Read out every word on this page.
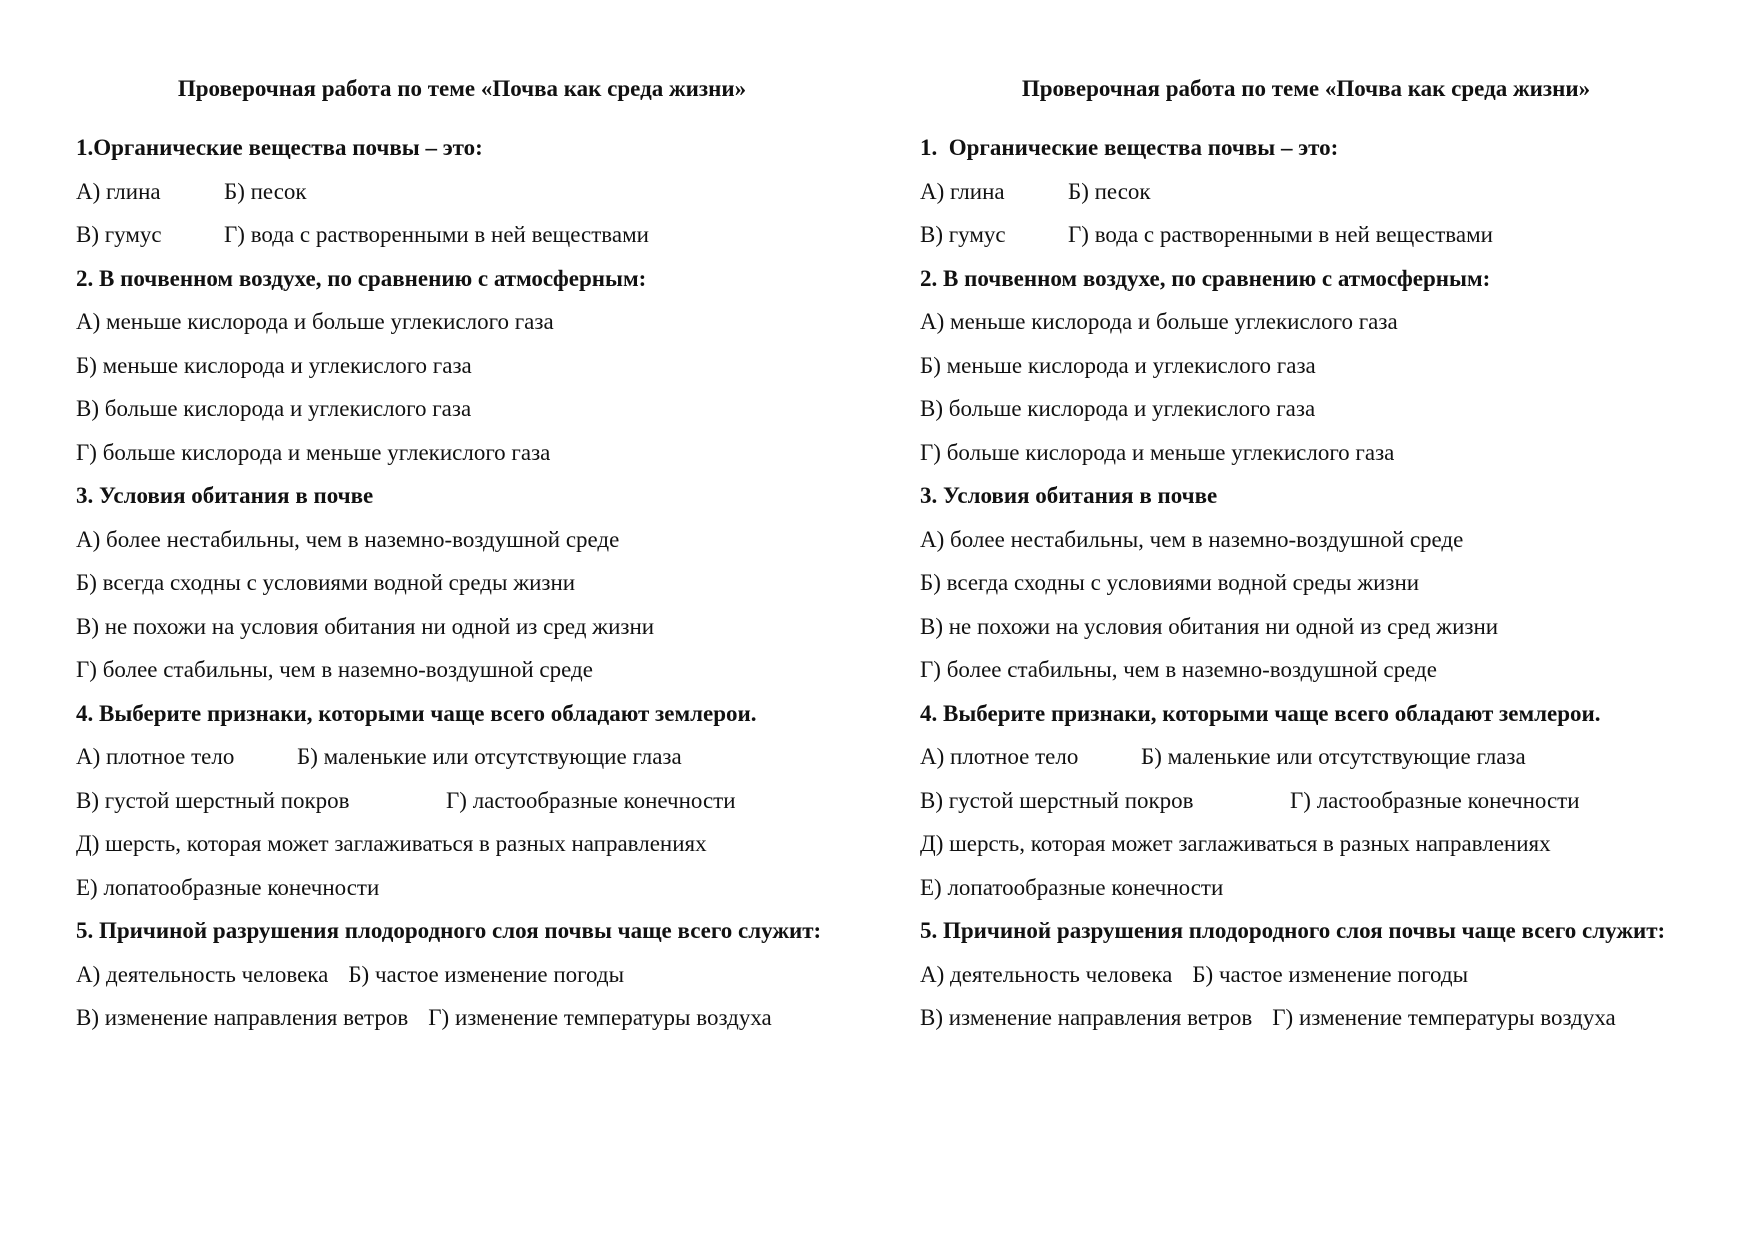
Проверочная работа по теме «Почва как среда жизни»
1.Органические вещества почвы – это:
А) глина	Б) песок
В) гумус	Г) вода с растворенными в ней веществами
2. В почвенном воздухе, по сравнению с атмосферным:
А) меньше кислорода и больше углекислого газа
Б) меньше кислорода и углекислого газа
В) больше кислорода и углекислого газа
Г) больше кислорода и меньше углекислого газа
3. Условия обитания в почве
А) более нестабильны, чем в наземно-воздушной среде
Б) всегда сходны с условиями водной среды жизни
В) не похожи на условия обитания ни одной из сред жизни
Г) более стабильны, чем в наземно-воздушной среде
4. Выберите признаки, которыми чаще всего обладают землерои.
А) плотное тело	Б) маленькие или отсутствующие глаза
В) густой шерстный покров	Г) ластообразные конечности
Д) шерсть, которая может заглаживаться в разных направлениях
Е) лопатообразные конечности
5. Причиной разрушения плодородного слоя почвы чаще всего служит:
А) деятельность человека Б) частое изменение погоды
В) изменение направления ветров Г) изменение температуры воздуха
Проверочная работа по теме «Почва как среда жизни»
1.  Органические вещества почвы – это:
А) глина	Б) песок
В) гумус	Г) вода с растворенными в ней веществами
2. В почвенном воздухе, по сравнению с атмосферным:
А) меньше кислорода и больше углекислого газа
Б) меньше кислорода и углекислого газа
В) больше кислорода и углекислого газа
Г) больше кислорода и меньше углекислого газа
3. Условия обитания в почве
А) более нестабильны, чем в наземно-воздушной среде
Б) всегда сходны с условиями водной среды жизни
В) не похожи на условия обитания ни одной из сред жизни
Г) более стабильны, чем в наземно-воздушной среде
4. Выберите признаки, которыми чаще всего обладают землерои.
А) плотное тело	Б) маленькие или отсутствующие глаза
В) густой шерстный покров	Г) ластообразные конечности
Д) шерсть, которая может заглаживаться в разных направлениях
Е) лопатообразные конечности
5. Причиной разрушения плодородного слоя почвы чаще всего служит:
А) деятельность человека Б) частое изменение погоды
В) изменение направления ветров Г) изменение температуры воздуха
